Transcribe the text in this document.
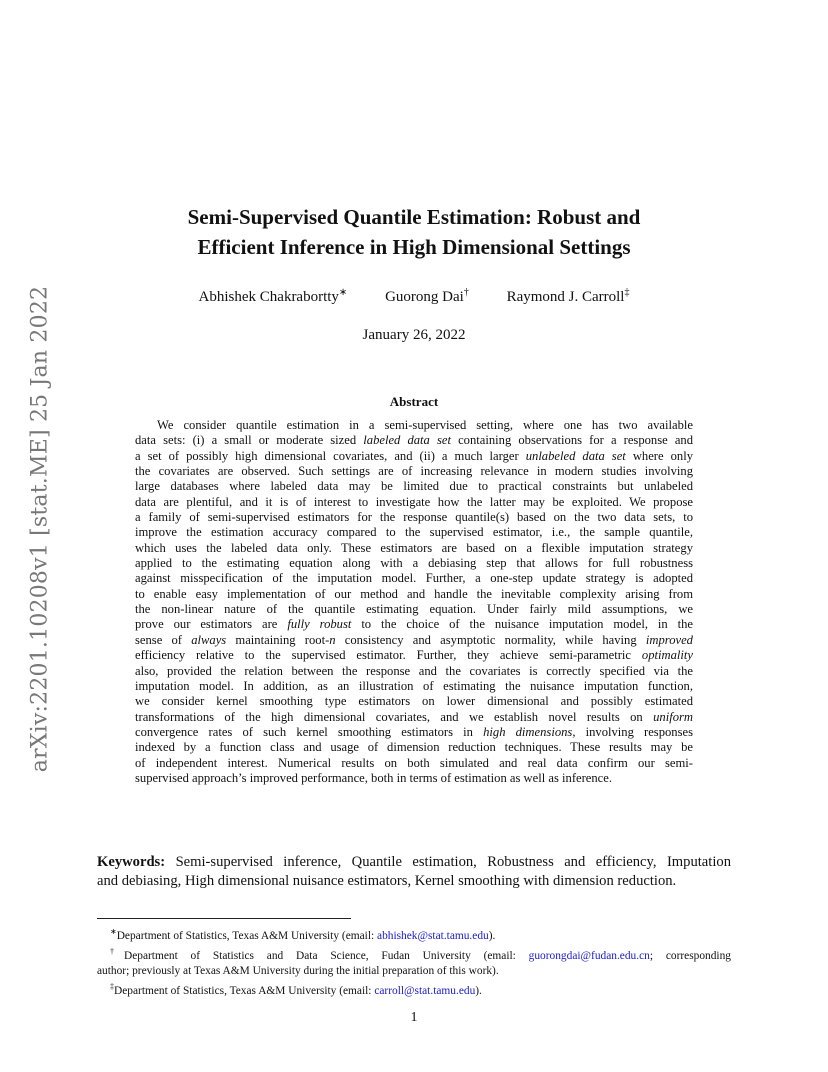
arXiv:2201.10208v1 [stat.ME] 25 Jan 2022
Semi-Supervised Quantile Estimation: Robust and
Efficient Inference in High Dimensional Settings
Abhishek Chakrabortty∗	Guorong Dai†	Raymond J. Carroll‡
January 26, 2022
Abstract
We consider quantile estimation in a semi-supervised setting, where one has two available
data sets: (i) a small or moderate sized labeled data set containing observations for a response and
a set of possibly high dimensional covariates, and (ii) a much larger unlabeled data set where only
the covariates are observed. Such settings are of increasing relevance in modern studies involving
large databases where labeled data may be limited due to practical constraints but unlabeled
data are plentiful, and it is of interest to investigate how the latter may be exploited. We propose
a family of semi-supervised estimators for the response quantile(s) based on the two data sets, to
improve the estimation accuracy compared to the supervised estimator, i.e., the sample quantile,
which uses the labeled data only. These estimators are based on a flexible imputation strategy
applied to the estimating equation along with a debiasing step that allows for full robustness
against misspecification of the imputation model. Further, a one-step update strategy is adopted
to enable easy implementation of our method and handle the inevitable complexity arising from
the non-linear nature of the quantile estimating equation. Under fairly mild assumptions, we
prove our estimators are fully robust to the choice of the nuisance imputation model, in the
sense of always maintaining root-n consistency and asymptotic normality, while having improved
efficiency relative to the supervised estimator. Further, they achieve semi-parametric optimality
also, provided the relation between the response and the covariates is correctly specified via the
imputation model. In addition, as an illustration of estimating the nuisance imputation function,
we consider kernel smoothing type estimators on lower dimensional and possibly estimated
transformations of the high dimensional covariates, and we establish novel results on uniform
convergence rates of such kernel smoothing estimators in high dimensions, involving responses
indexed by a function class and usage of dimension reduction techniques. These results may be
of independent interest. Numerical results on both simulated and real data confirm our semi-
supervised approach’s improved performance, both in terms of estimation as well as inference.
Keywords: Semi-supervised inference, Quantile estimation, Robustness and efficiency, Imputation
and debiasing, High dimensional nuisance estimators, Kernel smoothing with dimension reduction.
∗Department of Statistics, Texas A&M University (email: abhishek@stat.tamu.edu).
†Department of Statistics and Data Science, Fudan University (email: guorongdai@fudan.edu.cn; corresponding
author; previously at Texas A&M University during the initial preparation of this work).
‡Department of Statistics, Texas A&M University (email: carroll@stat.tamu.edu).
1
